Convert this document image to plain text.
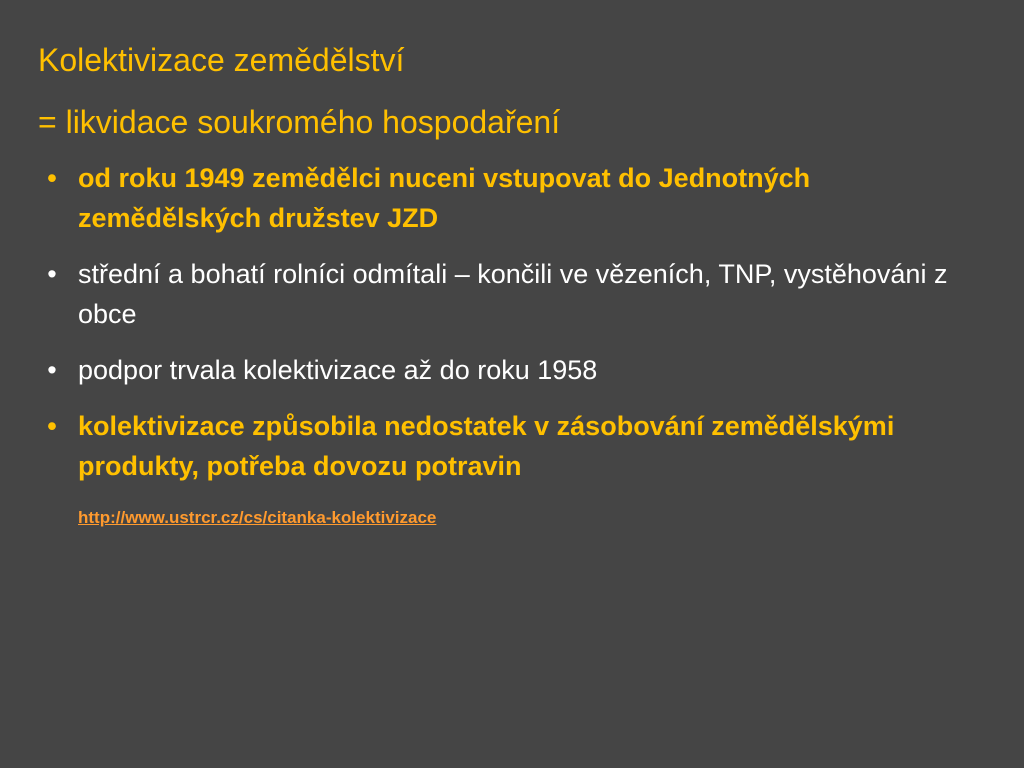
Kolektivizace zemědělství
= likvidace soukromého hospodaření
• od roku 1949 zemědělci nuceni vstupovat do Jednotných zemědělských družstev JZD
• střední a bohatí rolníci odmítali – končili ve vězeních, TNP, vystěhováni z obce
• podpor trvala kolektivizace až do roku 1958
• kolektivizace způsobila nedostatek v zásobování zemědělskými produkty, potřeba dovozu potravin
http://www.ustrcr.cz/cs/citanka-kolektivizace
